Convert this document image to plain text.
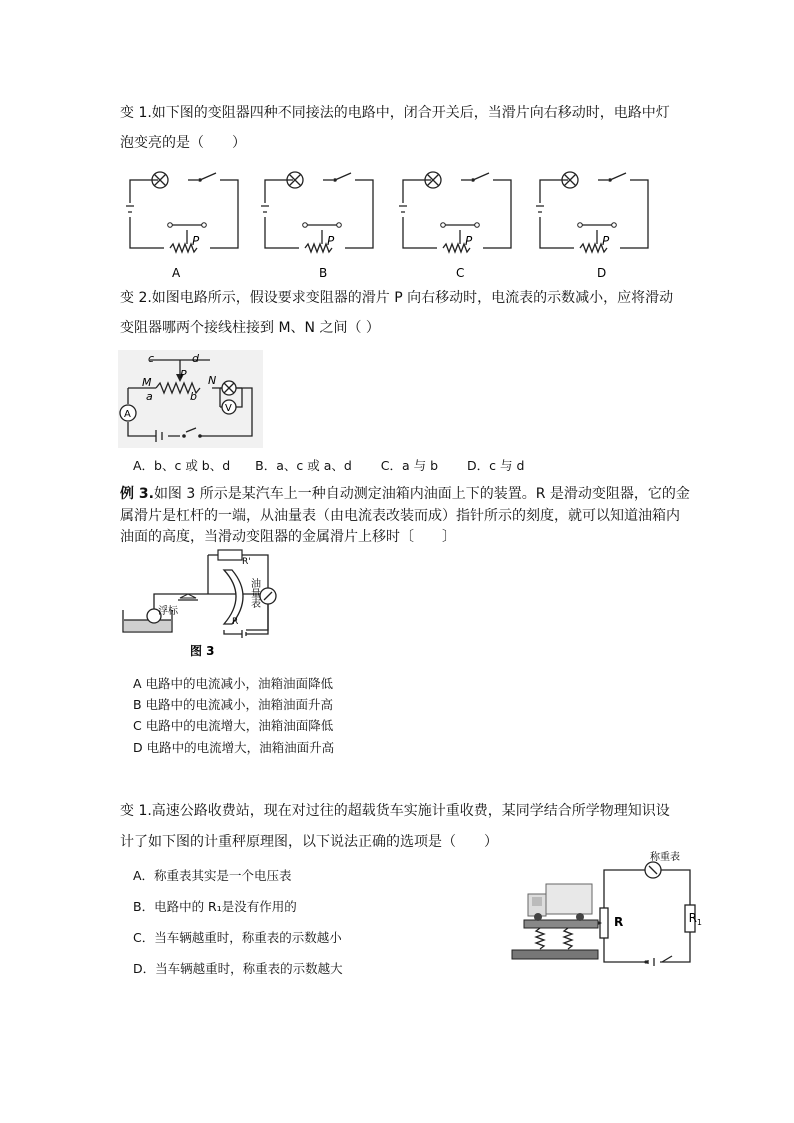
变 1.如下图的变阻器四种不同接法的电路中，闭合开关后，当滑片向右移动时，电路中灯
泡变亮的是（　　）
P	P	P	P
A	B	C	D
变 2.如图电路所示，假设要求变阻器的滑片 P 向右移动时，电流表的示数减小，应将滑动
变阻器哪两个接线柱接到 M、N 之间（ ）
c	d
P
M	N
a	b
A
V
A．b、c 或 b、d　　B．a、c 或 a、d　　 C．a 与 b　　 D．c 与 d
例 3.如图 3 所示是某汽车上一种自动测定油箱内油面上下的装置。R 是滑动变阻器，它的金
属滑片是杠杆的一端，从油量表（由电流表改装而成）指针所示的刻度，就可以知道油箱内
油面的高度，当滑动变阻器的金属滑片上移时〔　　〕
R'
R
浮标
油量表
图 3
A 电路中的电流减小，油箱油面降低
B 电路中的电流减小，油箱油面升高
C 电路中的电流增大，油箱油面降低
D 电路中的电流增大，油箱油面升高
变 1.高速公路收费站，现在对过往的超载货车实施计重收费，某同学结合所学物理知识设
计了如下图的计重秤原理图，以下说法正确的选项是（　　）
A．称重表其实是一个电压表
B．电路中的 R₁是没有作用的
C．当车辆越重时，称重表的示数越小
D．当车辆越重时，称重表的示数越大
称重表
R	$R_1$
